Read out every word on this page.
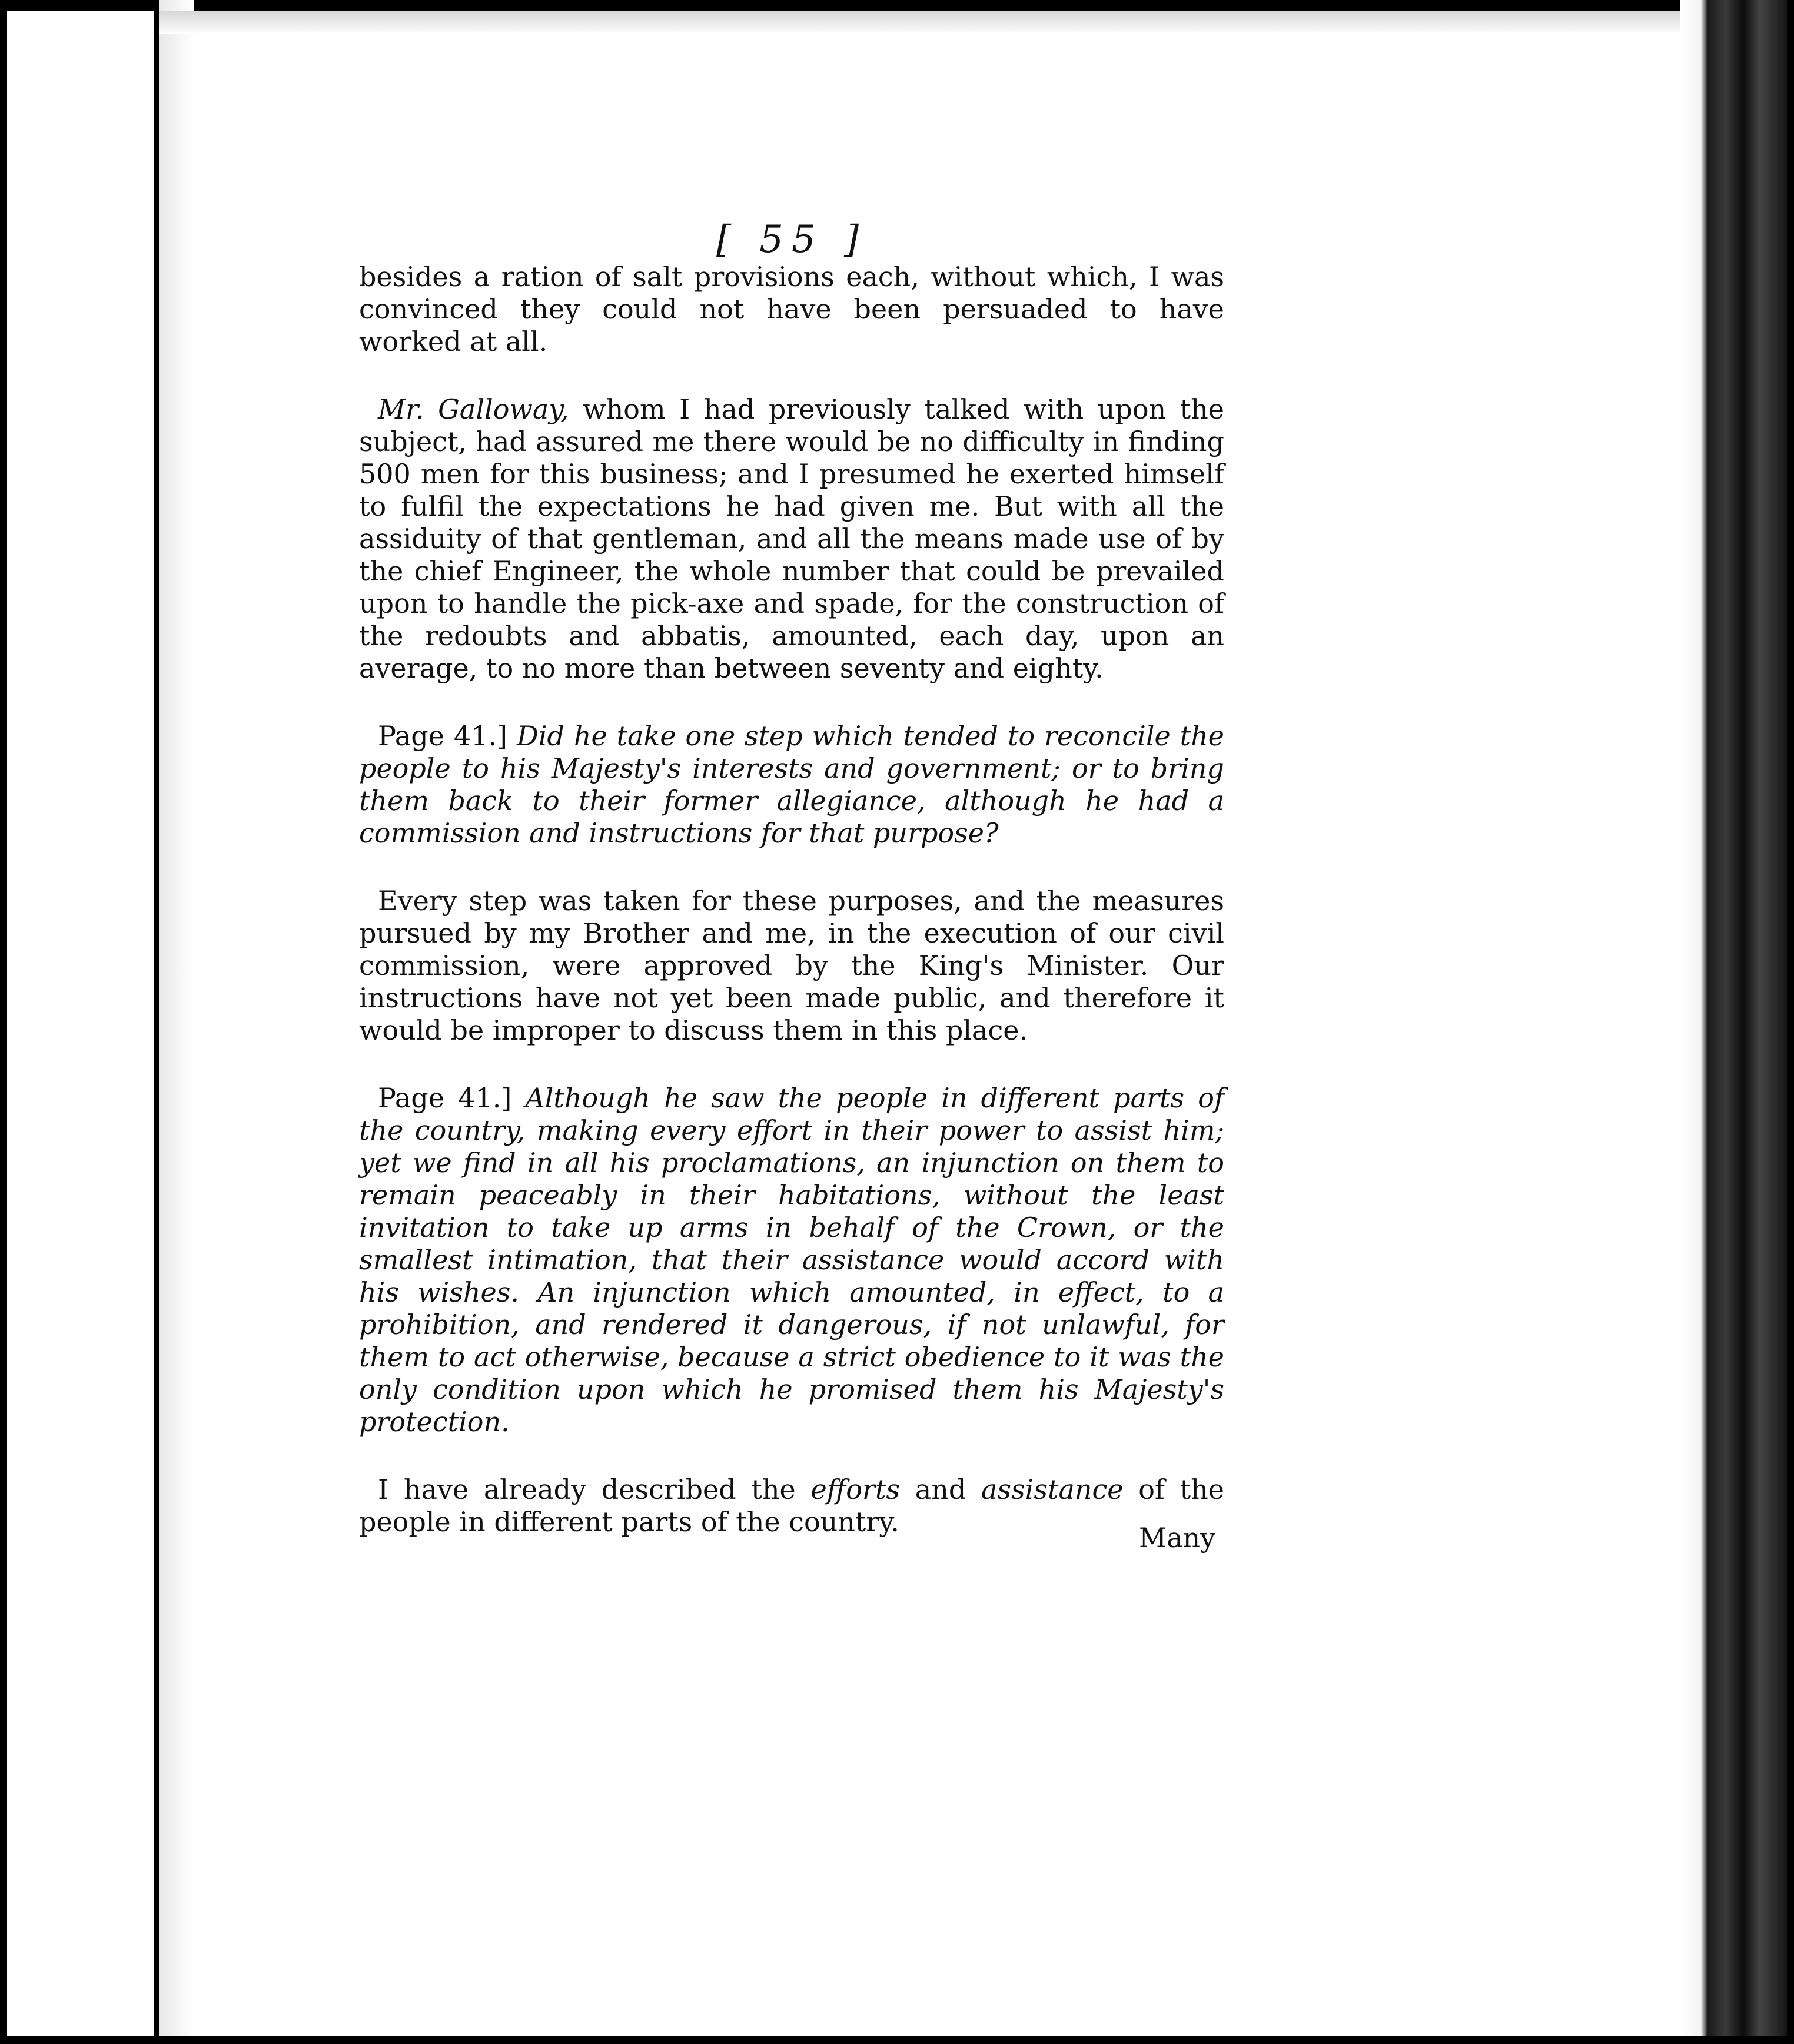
[ 55 ]

besides a ration of salt provisions each, without which, I was convinced they could not have been persuaded to have worked at all.

Mr. Galloway, whom I had previously talked with upon the subject, had assured me there would be no difficulty in finding 500 men for this business; and I presumed he exerted himself to fulfil the expectations he had given me. But with all the assiduity of that gentleman, and all the means made use of by the chief Engineer, the whole number that could be prevailed upon to handle the pick-axe and spade, for the construction of the redoubts and abbatis, amounted, each day, upon an average, to no more than between seventy and eighty.

Page 41.] Did he take one step which tended to reconcile the people to his Majesty's interests and government; or to bring them back to their former allegiance, although he had a commission and instructions for that purpose?

Every step was taken for these purposes, and the measures pursued by my Brother and me, in the execution of our civil commission, were approved by the King's Minister. Our instructions have not yet been made public, and therefore it would be improper to discuss them in this place.

Page 41.] Although he saw the people in different parts of the country, making every effort in their power to assist him; yet we find in all his proclamations, an injunction on them to remain peaceably in their habitations, without the least invitation to take up arms in behalf of the Crown, or the smallest intimation, that their assistance would accord with his wishes. An injunction which amounted, in effect, to a prohibition, and rendered it dangerous, if not unlawful, for them to act otherwise, because a strict obedience to it was the only condition upon which he promised them his Majesty's protection.

I have already described the efforts and assistance of the people in different parts of the country.	Many
